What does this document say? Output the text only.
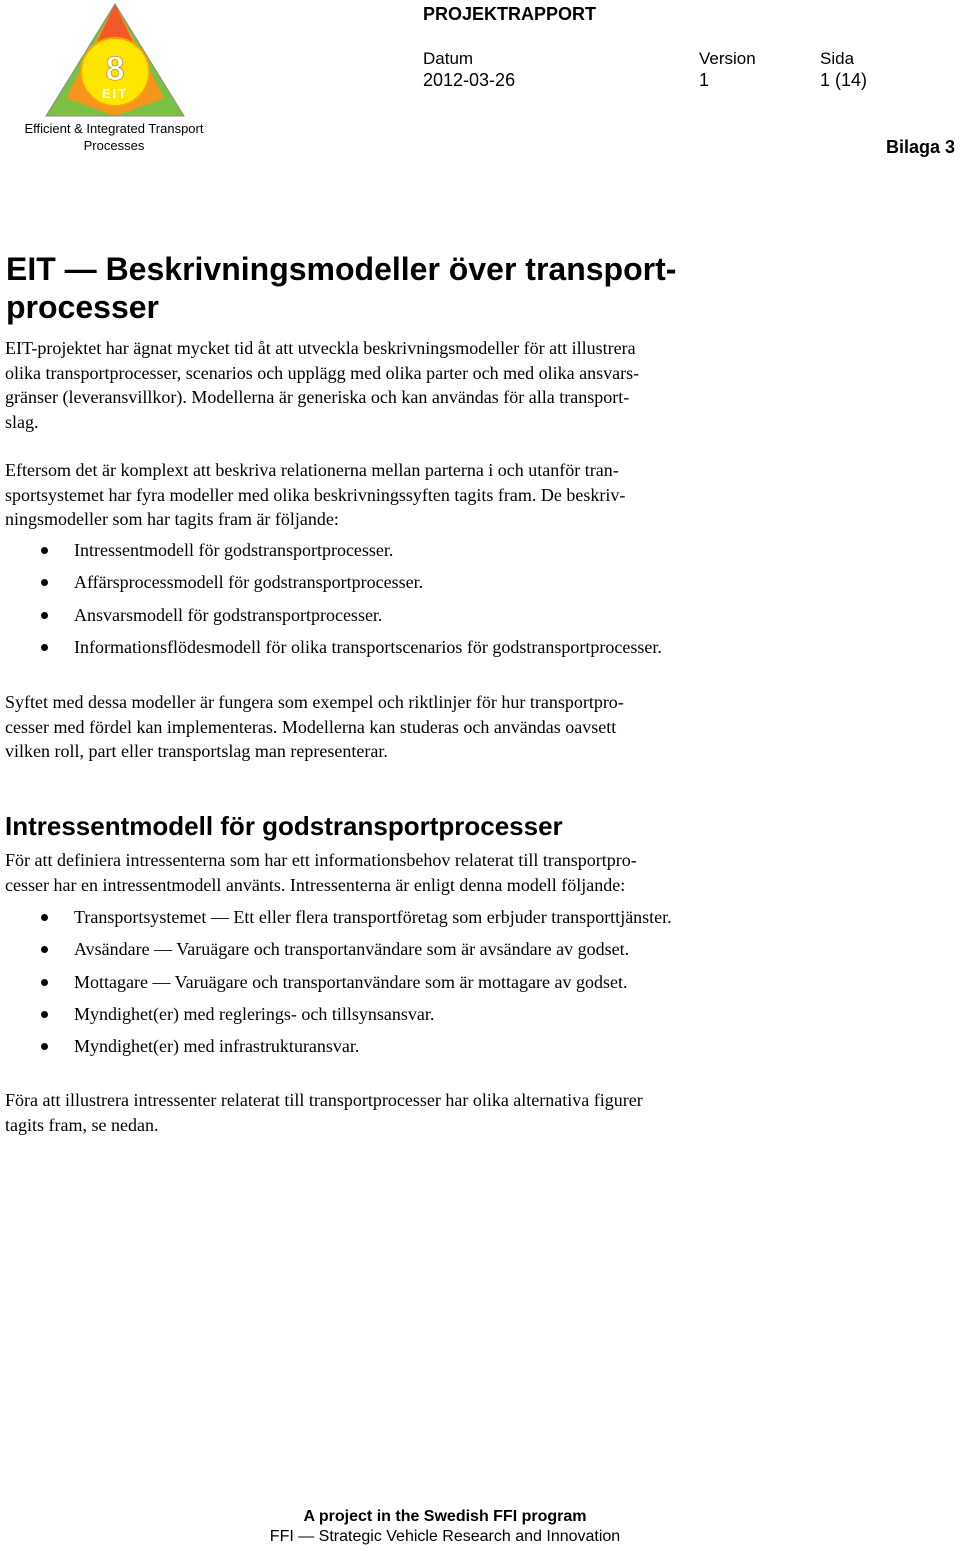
8
EIT
Efficient & Integrated Transport
Processes
PROJEKTRAPPORT
Datum
2012-03-26
Version
1
Sida
1 (14)
Bilaga 3
EIT — Beskrivningsmodeller över transport-
processer
EIT-projektet har ägnat mycket tid åt att utveckla beskrivningsmodeller för att illustrera
olika transportprocesser, scenarios och upplägg med olika parter och med olika ansvars-
gränser (leveransvillkor). Modellerna är generiska och kan användas för alla transport-
slag.
Eftersom det är komplext att beskriva relationerna mellan parterna i och utanför tran-
sportsystemet har fyra modeller med olika beskrivningssyften tagits fram. De beskriv-
ningsmodeller som har tagits fram är följande:
Intressentmodell för godstransportprocesser.
Affärsprocessmodell för godstransportprocesser.
Ansvarsmodell för godstransportprocesser.
Informationsflödesmodell för olika transportscenarios för godstransportprocesser.
Syftet med dessa modeller är fungera som exempel och riktlinjer för hur transportpro-
cesser med fördel kan implementeras. Modellerna kan studeras och användas oavsett
vilken roll, part eller transportslag man representerar.
Intressentmodell för godstransportprocesser
För att definiera intressenterna som har ett informationsbehov relaterat till transportpro-
cesser har en intressentmodell använts. Intressenterna är enligt denna modell följande:
Transportsystemet — Ett eller flera transportföretag som erbjuder transporttjänster.
Avsändare — Varuägare och transportanvändare som är avsändare av godset.
Mottagare — Varuägare och transportanvändare som är mottagare av godset.
Myndighet(er) med reglerings- och tillsynsansvar.
Myndighet(er) med infrastrukturansvar.
Föra att illustrera intressenter relaterat till transportprocesser har olika alternativa figurer
tagits fram, se nedan.
A project in the Swedish FFI program
FFI — Strategic Vehicle Research and Innovation
